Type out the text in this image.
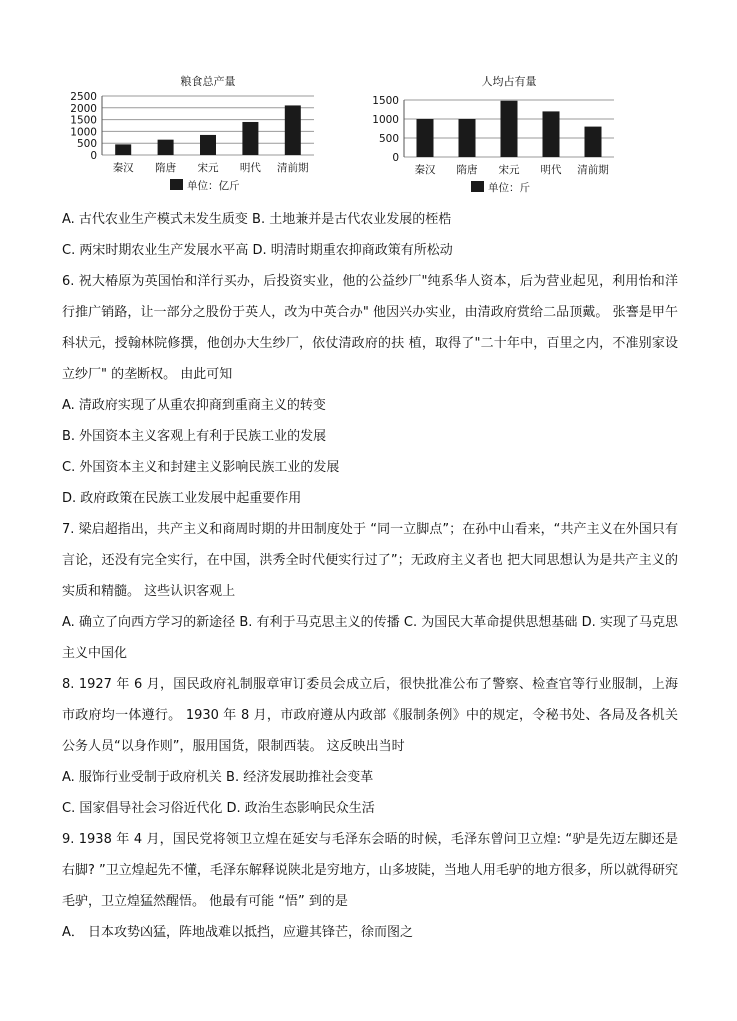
粮食总产量
0
500
1000
1500
2000
2500
秦汉 隋唐 宋元 明代 清前期
单位：亿斤
人均占有量
0
500
1000
1500
秦汉 隋唐 宋元 明代 清前期
单位：斤

A. 古代农业生产模式未发生质变 B. 土地兼并是古代农业发展的桎梏

C. 两宋时期农业生产发展水平高 D. 明清时期重农抑商政策有所松动

6. 祝大椿原为英国怡和洋行买办，后投资实业，他的公益纱厂"纯系华人资本，后为营业起见，利用怡和洋行推广销路，让一部分之股份于英人，改为中英合办" 他因兴办实业，由清政府赏给二品顶戴。 张謇是甲午科状元，授翰林院修撰，他创办大生纱厂，依仗清政府的扶 植，取得了"二十年中，百里之内，不准别家设立纱厂" 的垄断权。 由此可知

A. 清政府实现了从重农抑商到重商主义的转变

B. 外国资本主义客观上有利于民族工业的发展

C. 外国资本主义和封建主义影响民族工业的发展

D. 政府政策在民族工业发展中起重要作用

7. 梁启超指出，共产主义和商周时期的井田制度处于 “同一立脚点”；在孙中山看来，“共产主义在外国只有言论，还没有完全实行，在中国，洪秀全时代便实行过了”；无政府主义者也 把大同思想认为是共产主义的实质和精髓。 这些认识客观上

A. 确立了向西方学习的新途径 B. 有利于马克思主义的传播 C. 为国民大革命提供思想基础 D. 实现了马克思主义中国化

8. 1927 年 6 月，国民政府礼制服章审订委员会成立后，很快批准公布了警察、检查官等行业服制，上海市政府均一体遵行。 1930 年 8 月，市政府遵从内政部《服制条例》中的规定，令秘书处、各局及各机关公务人员“以身作则”，服用国货，限制西装。 这反映出当时

A. 服饰行业受制于政府机关 B. 经济发展助推社会变革

C. 国家倡导社会习俗近代化 D. 政治生态影响民众生活

9. 1938 年 4 月，国民党将领卫立煌在延安与毛泽东会晤的时候，毛泽东曾问卫立煌: “驴是先迈左脚还是右脚? ”卫立煌起先不懂，毛泽东解释说陕北是穷地方，山多坡陡，当地人用毛驴的地方很多，所以就得研究毛驴，卫立煌猛然醒悟。 他最有可能 “悟” 到的是

A． 日本攻势凶猛，阵地战难以抵挡，应避其锋芒，徐而图之
